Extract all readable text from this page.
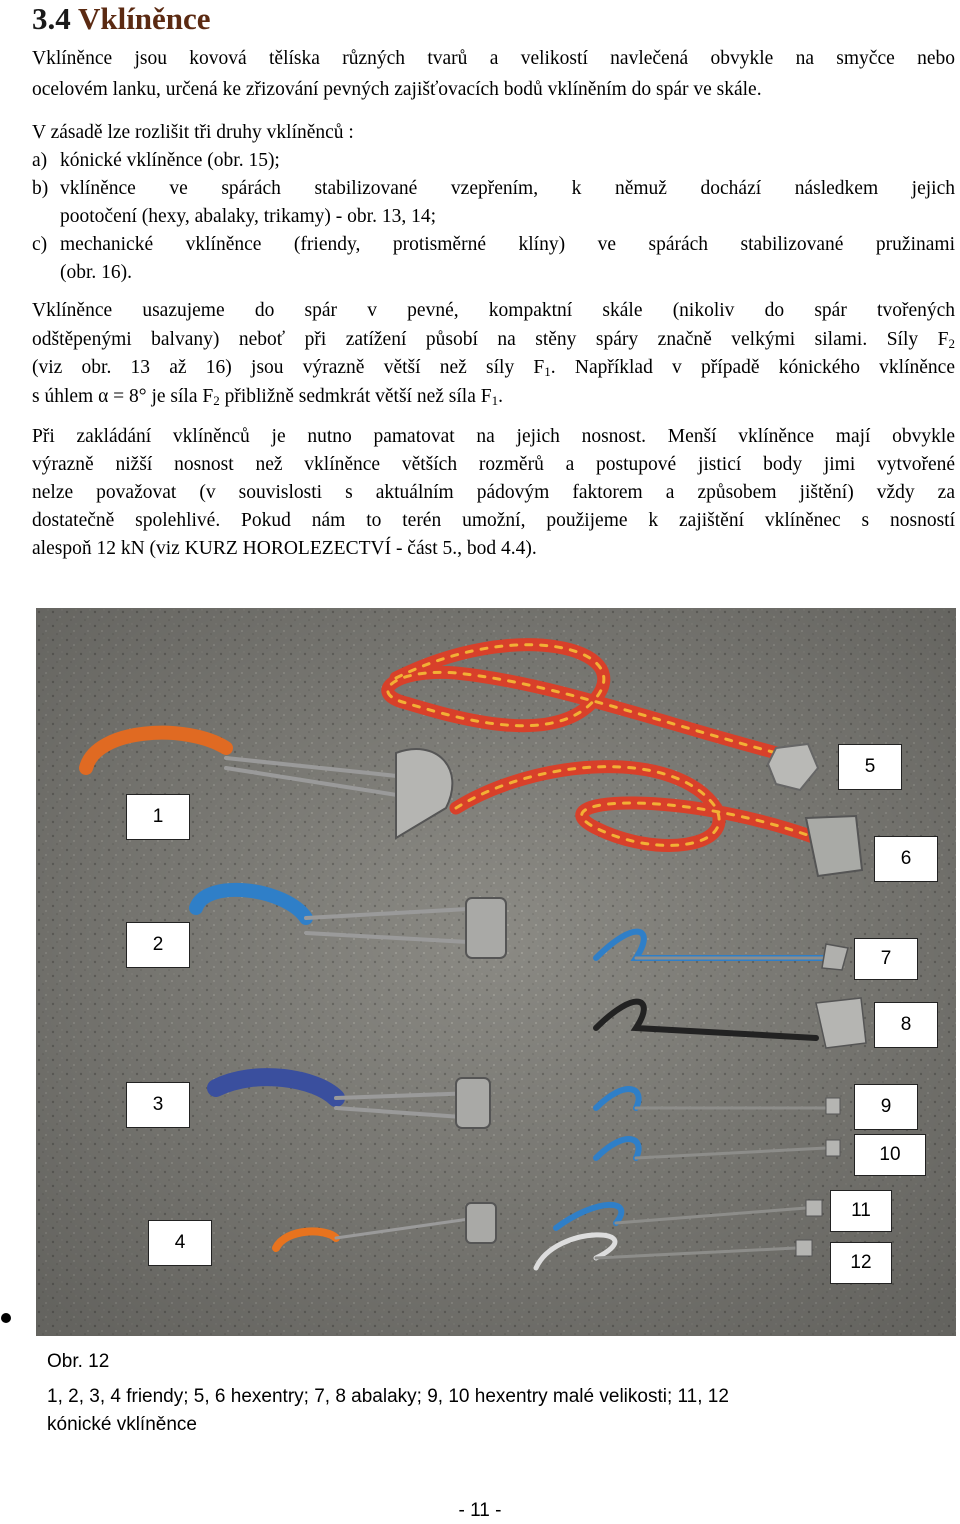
3.4 Vklíněnce
Vklíněnce jsou kovová tělíska různých tvarů a velikostí navlečená obvykle na smyčce nebo
ocelovém lanku, určená ke zřizování pevných zajišťovacích bodů vklíněním do spár ve skále.
V zásadě lze rozlišit tři druhy vklíněnců :
a) kónické vklíněnce (obr. 15);
b) vklíněnce ve spárách stabilizované vzepřením, k němuž dochází následkem jejich
pootočení (hexy, abalaky, trikamy) - obr. 13, 14;
c) mechanické vklíněnce (friendy, protisměrné klíny) ve spárách stabilizované pružinami
(obr. 16).
Vklíněnce usazujeme do spár v pevné, kompaktní skále (nikoliv do spár tvořených
odštěpenými balvany) neboť při zatížení působí na stěny spáry značně velkými silami. Síly $F_2$
(viz obr. 13 až 16) jsou výrazně větší než síly $F_1$. Například v případě kónického vklíněnce
s úhlem α = 8° je síla $F_2$ přibližně sedmkrát větší než síla $F_1$.
Při zakládání vklíněnců je nutno pamatovat na jejich nosnost. Menší vklíněnce mají obvykle
výrazně nižší nosnost než vklíněnce větších rozměrů a postupové jisticí body jimi vytvořené
nelze považovat (v souvislosti s aktuálním pádovým faktorem a způsobem jištění) vždy za
dostatečně spolehlivé. Pokud nám to terén umožní, použijeme k zajištění vklíněnec s nosností
alespoň 12 kN (viz KURZ HOROLEZECTVÍ - část 5., bod 4.4).
1
2
3
4
5
6
7
8
9
10
11
12

Obr. 12

1, 2, 3, 4 friendy; 5, 6 hexentry; 7, 8 abalaky; 9, 10 hexentry malé velikosti; 11, 12

kónické vklíněnce

- 11 -
